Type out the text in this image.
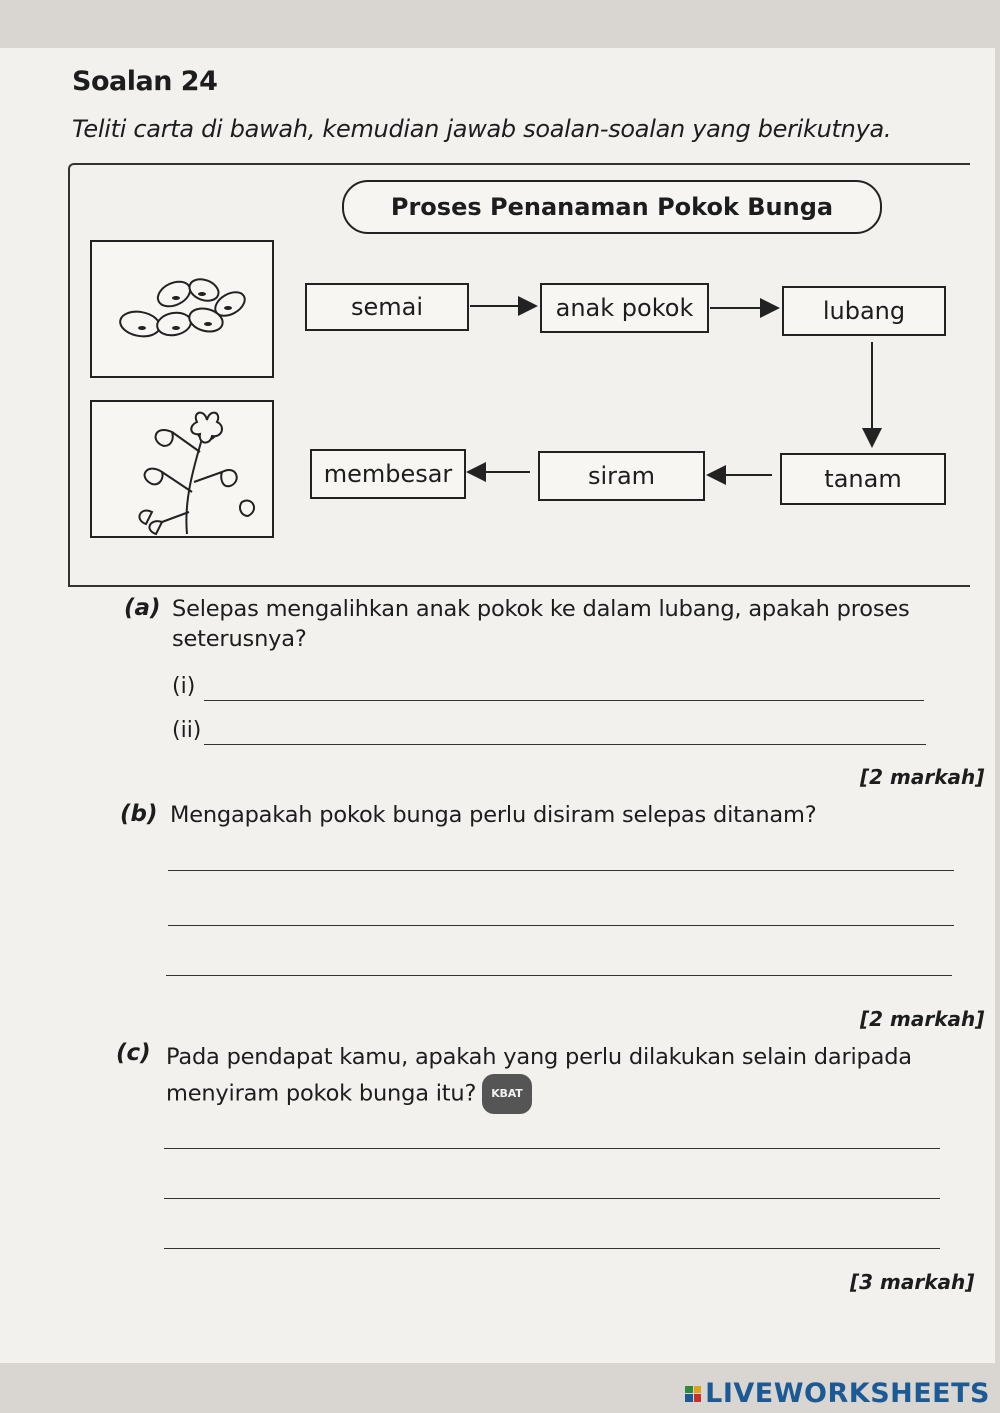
Soalan 24
Teliti carta di bawah, kemudian jawab soalan-soalan yang berikutnya.
Proses Penanaman Pokok Bunga
semai	anak pokok	lubang
tanam
siram
membesar
(a) Selepas mengalihkan anak pokok ke dalam lubang, apakah proses seterusnya?
(i)
(ii)
[2 markah]
(b) Mengapakah pokok bunga perlu disiram selepas ditanam?
[2 markah]
(c) Pada pendapat kamu, apakah yang perlu dilakukan selain daripada menyiram pokok bunga itu? KBAT
[3 markah]
LIVEWORKSHEETS
